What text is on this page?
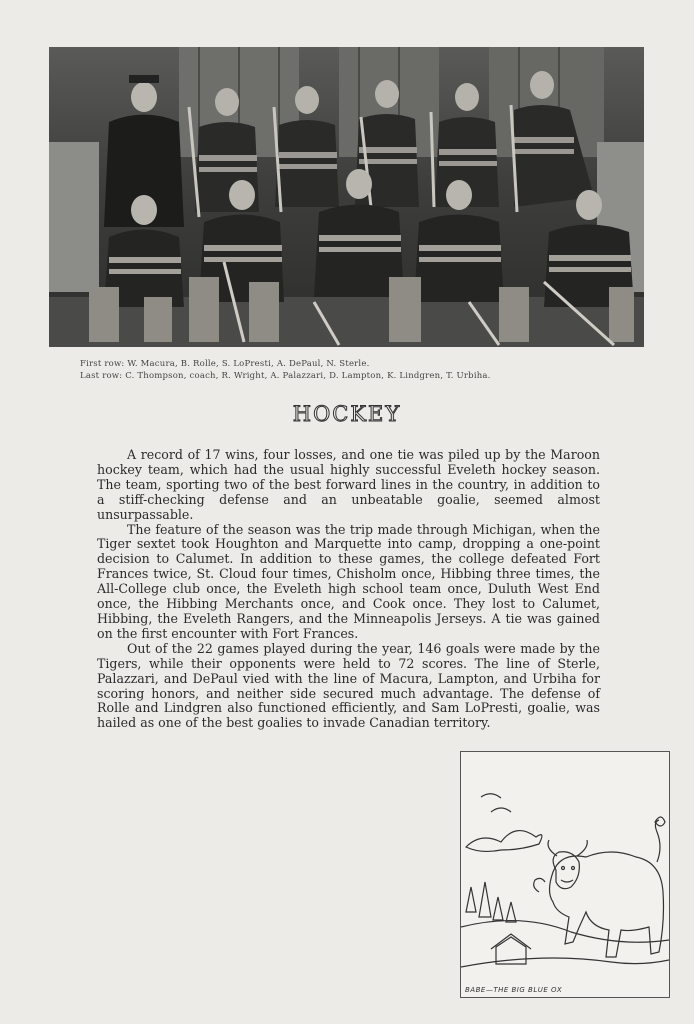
First row: W. Macura, B. Rolle, S. LoPresti, A. DePaul, N. Sterle.
Last row: C. Thompson, coach, R. Wright, A. Palazzari, D. Lampton, K. Lindgren, T. Urbiha.
HOCKEY

A record of 17 wins, four losses, and one tie was piled up by the Maroon hockey team, which had the usual highly successful Eveleth hockey season. The team, sporting two of the best forward lines in the country, in addition to a stiff-checking defense and an unbeatable goalie, seemed almost unsurpassable.

The feature of the season was the trip made through Michigan, when the Tiger sextet took Houghton and Marquette into camp, dropping a one-point decision to Calumet. In addition to these games, the college defeated Fort Frances twice, St. Cloud four times, Chisholm once, Hibbing three times, the All-College club once, the Eveleth high school team once, Duluth West End once, the Hibbing Merchants once, and Cook once. They lost to Calumet, Hibbing, the Eveleth Rangers, and the Minneapolis Jerseys. A tie was gained on the first encounter with Fort Frances.

Out of the 22 games played during the year, 146 goals were made by the Tigers, while their opponents were held to 72 scores. The line of Sterle, Palazzari, and DePaul vied with the line of Macura, Lampton, and Urbiha for scoring honors, and neither side secured much advantage. The defense of Rolle and Lindgren also functioned efficiently, and Sam LoPresti, goalie, was hailed as one of the best goalies to invade Canadian territory.

BABE—THE BIG BLUE OX
